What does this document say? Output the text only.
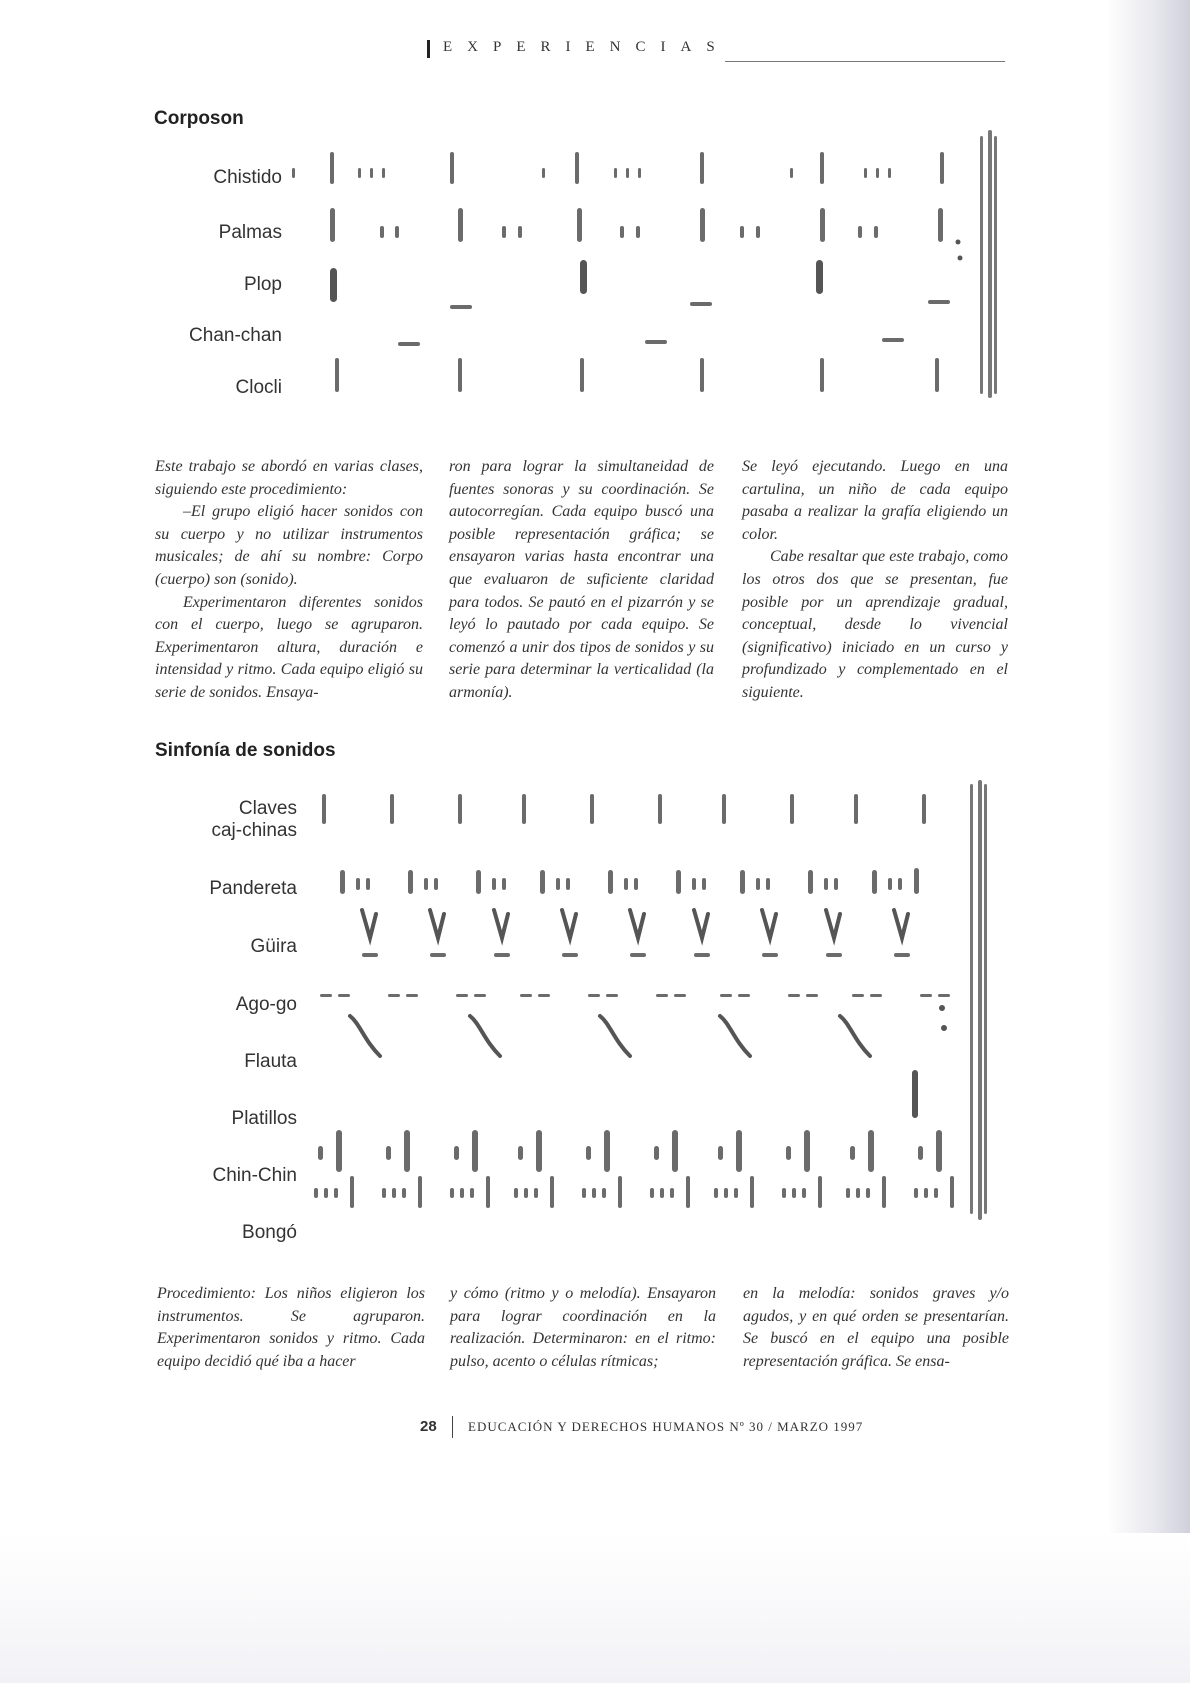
EXPERIENCIAS
Corposon
Chistido
Palmas
Plop
Chan-chan
Clocli

Este trabajo se abordó en varias clases, siguiendo este procedimiento:

–El grupo eligió hacer sonidos con su cuerpo y no utilizar instrumentos musicales; de ahí su nombre: Corpo (cuerpo) son (sonido).

Experimentaron diferentes sonidos con el cuerpo, luego se agruparon. Experimentaron altura, duración e intensidad y ritmo. Cada equipo eligió su serie de sonidos. Ensaya-

ron para lograr la simultaneidad de fuentes sonoras y su coordinación. Se autocorregían. Cada equipo buscó una posible representación gráfica; se ensayaron varias hasta encontrar una que evaluaron de suficiente claridad para todos. Se pautó en el pizarrón y se leyó lo pautado por cada equipo. Se comenzó a unir dos tipos de sonidos y su serie para determinar la verticalidad (la armonía).

Se leyó ejecutando. Luego en una cartulina, un niño de cada equipo pasaba a realizar la grafía eligiendo un color.

Cabe resaltar que este trabajo, como los otros dos que se presentan, fue posible por un aprendizaje gradual, conceptual, desde lo vivencial (significativo) iniciado en un curso y profundizado y complementado en el siguiente.

Sinfonía de sonidos
Claves
caj-chinas
Pandereta
Güira
Ago-go
Flauta
Platillos
Chin-Chin
Bongó

Procedimiento: Los niños eligieron los instrumentos. Se agruparon. Experimentaron sonidos y ritmo. Cada equipo decidió qué iba a hacer

y cómo (ritmo y o melodía). Ensayaron para lograr coordinación en la realización. Determinaron: en el ritmo: pulso, acento o células rítmicas;

en la melodía: sonidos graves y/o agudos, y en qué orden se presentarían. Se buscó en el equipo una posible representación gráfica. Se ensa-

28 EDUCACIÓN Y DERECHOS HUMANOS Nº 30 / MARZO 1997
